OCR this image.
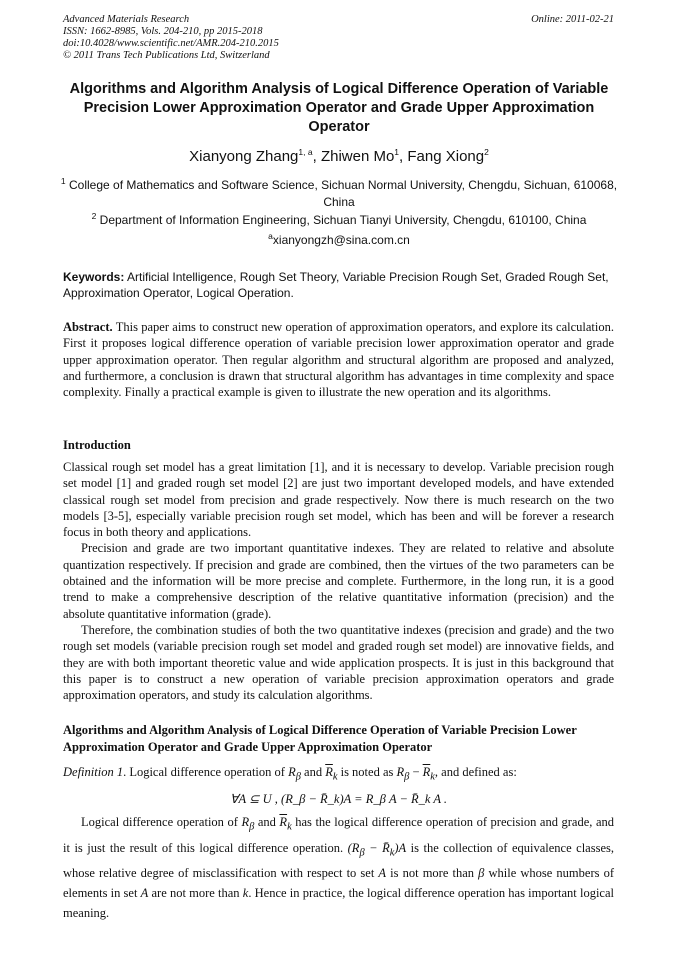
Advanced Materials Research
ISSN: 1662-8985, Vols. 204-210, pp 2015-2018
doi:10.4028/www.scientific.net/AMR.204-210.2015
© 2011 Trans Tech Publications Ltd, Switzerland
Online: 2011-02-21
Algorithms and Algorithm Analysis of Logical Difference Operation of Variable Precision Lower Approximation Operator and Grade Upper Approximation Operator
Xianyong Zhang$^{1, a}$, Zhiwen Mo$^1$, Fang Xiong$^2$
$^1$ College of Mathematics and Software Science, Sichuan Normal University, Chengdu, Sichuan, 610068, China
$^2$ Department of Information Engineering, Sichuan Tianyi University, Chengdu, 610100, China
$^a$xianyongzh@sina.com.cn
Keywords: Artificial Intelligence, Rough Set Theory, Variable Precision Rough Set, Graded Rough Set, Approximation Operator, Logical Operation.
Abstract. This paper aims to construct new operation of approximation operators, and explore its calculation. First it proposes logical difference operation of variable precision lower approximation operator and grade upper approximation operator. Then regular algorithm and structural algorithm are proposed and analyzed, and furthermore, a conclusion is drawn that structural algorithm has advantages in time complexity and space complexity. Finally a practical example is given to illustrate the new operation and its algorithms.
Introduction
Classical rough set model has a great limitation [1], and it is necessary to develop. Variable precision rough set model [1] and graded rough set model [2] are just two important developed models, and have extended classical rough set model from precision and grade respectively. Now there is much research on the two models [3-5], especially variable precision rough set model, which has been and will be forever a research focus in both theory and applications.
Precision and grade are two important quantitative indexes. They are related to relative and absolute quantization respectively. If precision and grade are combined, then the virtues of the two parameters can be obtained and the information will be more precise and complete. Furthermore, in the long run, it is a good trend to make a comprehensive description of the relative quantitative information (precision) and the absolute quantitative information (grade).
Therefore, the combination studies of both the two quantitative indexes (precision and grade) and the two rough set models (variable precision rough set model and graded rough set model) are innovative fields, and they are with both important theoretic value and wide application prospects. It is just in this background that this paper is to construct a new operation of variable precision approximation operators and grade approximation operators, and study its calculation algorithms.
Algorithms and Algorithm Analysis of Logical Difference Operation of Variable Precision Lower Approximation Operator and Grade Upper Approximation Operator
Definition 1. Logical difference operation of $R_\beta$ and $\overline{R}_k$ is noted as $R_\beta - \overline{R}_k$, and defined as:
∀A ⊆ U , (R_β − R̄_k)A = R_β A − R̄_k A .
Logical difference operation of $R_\beta$ and $\overline{R}_k$ has the logical difference operation of precision and grade, and it is just the result of this logical difference operation. ($R_\beta$ − $R̄_k)A$ is the collection of equivalence classes, whose relative degree of misclassification with respect to set A is not more than β while whose numbers of elements in set A are not more than k. Hence in practice, the logical difference operation has important logical meaning.
